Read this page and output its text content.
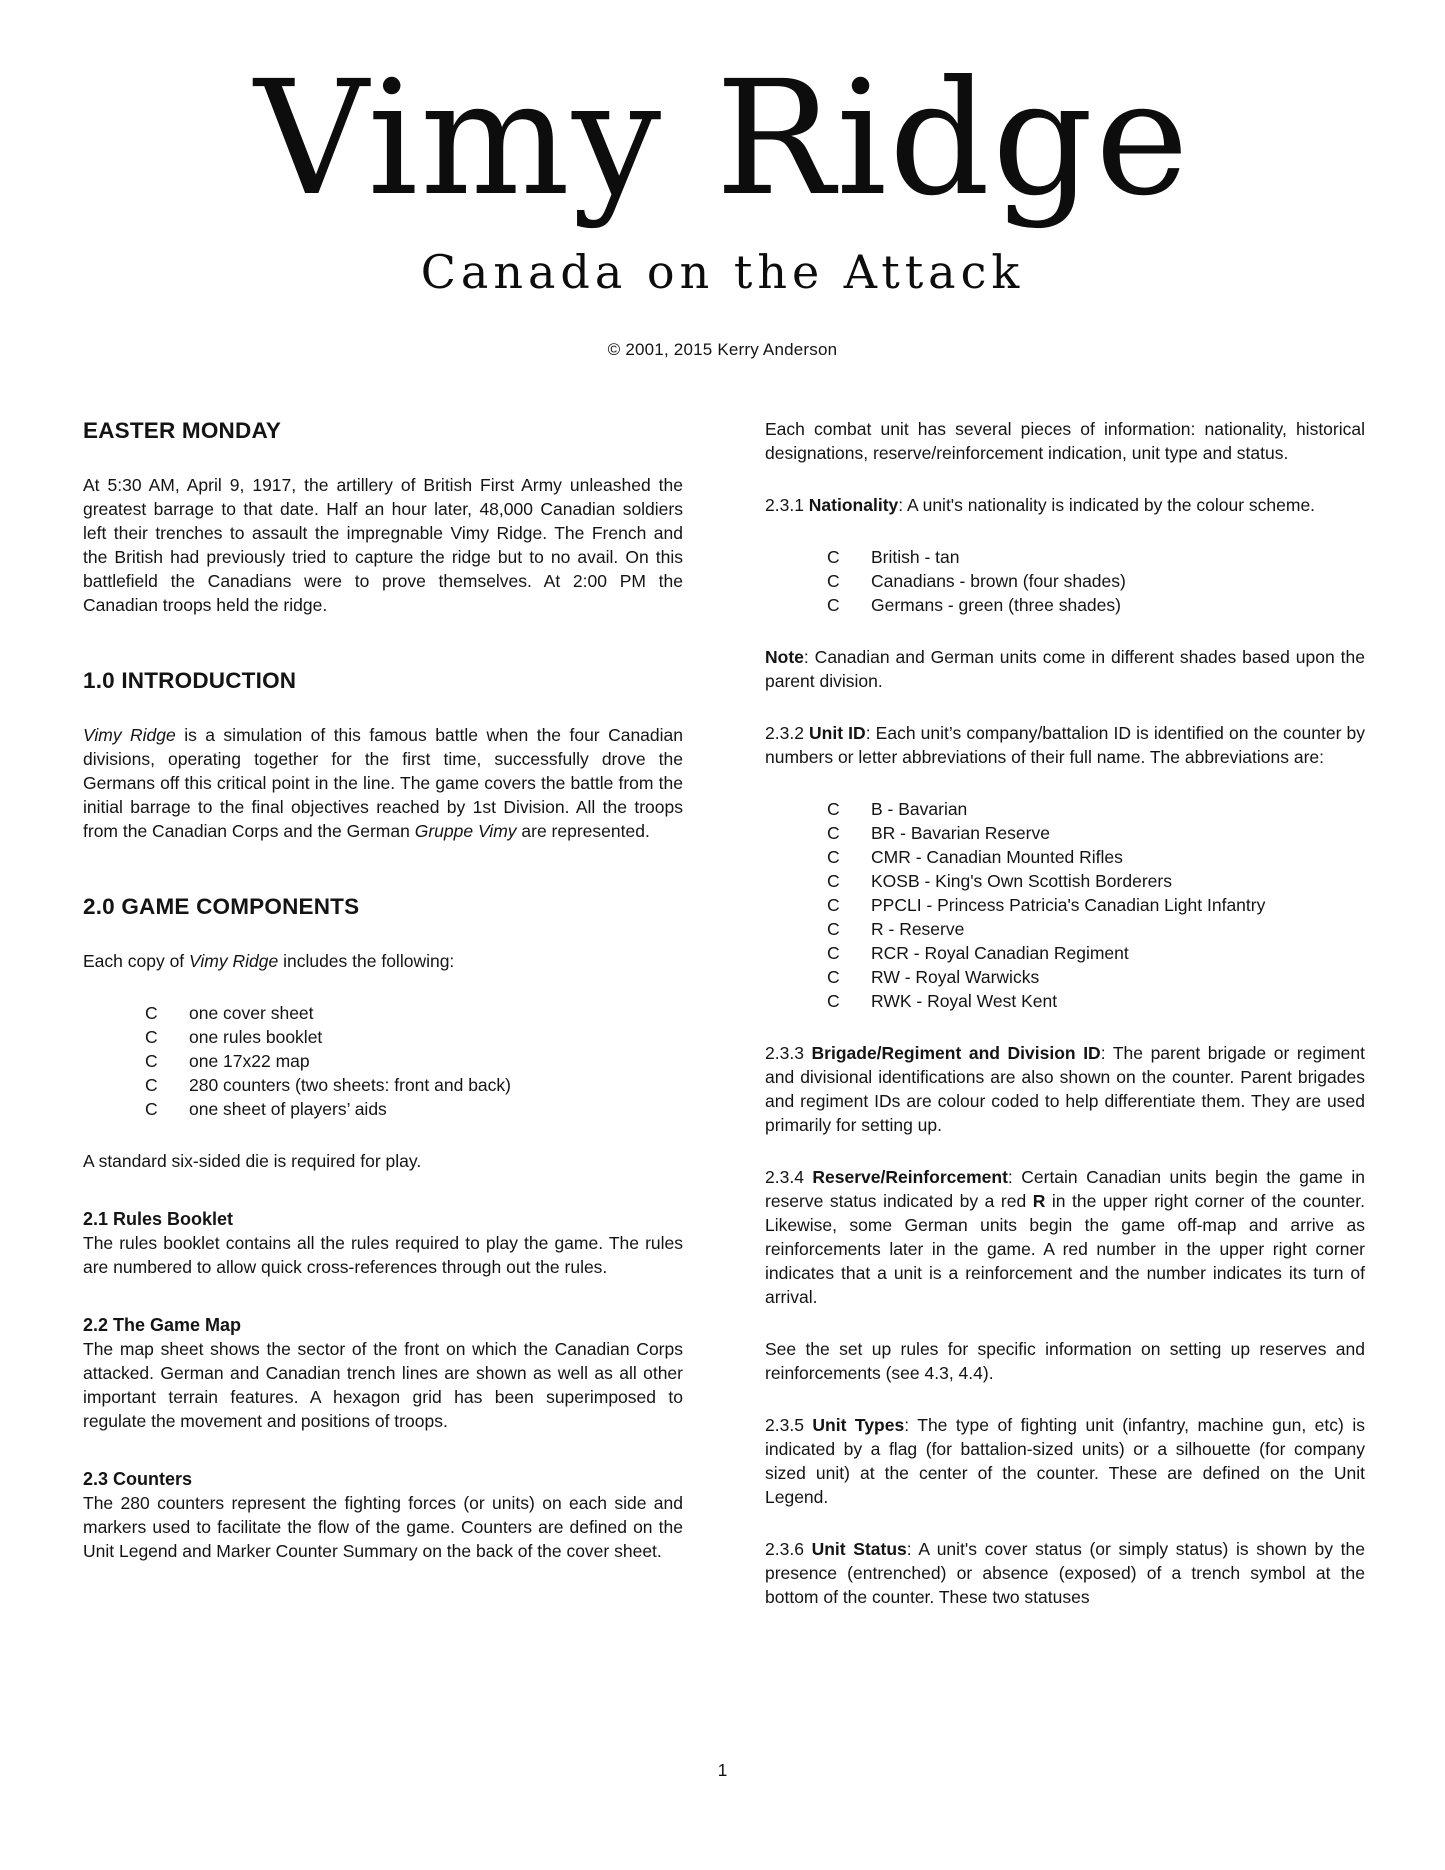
Vimy Ridge
Canada on the Attack
© 2001, 2015 Kerry Anderson
EASTER MONDAY

At 5:30 AM, April 9, 1917, the artillery of British First Army unleashed the greatest barrage to that date. Half an hour later, 48,000 Canadian soldiers left their trenches to assault the impregnable Vimy Ridge. The French and the British had previously tried to capture the ridge but to no avail. On this battlefield the Canadians were to prove themselves. At 2:00 PM the Canadian troops held the ridge.

1.0 INTRODUCTION

Vimy Ridge is a simulation of this famous battle when the four Canadian divisions, operating together for the first time, successfully drove the Germans off this critical point in the line. The game covers the battle from the initial barrage to the final objectives reached by 1st Division. All the troops from the Canadian Corps and the German Gruppe Vimy are represented.

2.0 GAME COMPONENTS

Each copy of Vimy Ridge includes the following:

C	one cover sheet
C	one rules booklet
C	one 17x22 map
C	280 counters (two sheets: front and back)
C	one sheet of players’ aids

A standard six-sided die is required for play.

2.1 Rules Booklet

The rules booklet contains all the rules required to play the game. The rules are numbered to allow quick cross-references through out the rules.

2.2 The Game Map

The map sheet shows the sector of the front on which the Canadian Corps attacked. German and Canadian trench lines are shown as well as all other important terrain features. A hexagon grid has been superimposed to regulate the movement and positions of troops.

2.3 Counters

The 280 counters represent the fighting forces (or units) on each side and markers used to facilitate the flow of the game. Counters are defined on the Unit Legend and Marker Counter Summary on the back of the cover sheet.

Each combat unit has several pieces of information: nationality, historical designations, reserve/reinforcement indication, unit type and status.

2.3.1 Nationality: A unit's nationality is indicated by the colour scheme.

C	British - tan
C	Canadians - brown (four shades)
C	Germans - green (three shades)

Note: Canadian and German units come in different shades based upon the parent division.

2.3.2 Unit ID: Each unit’s company/battalion ID is identified on the counter by numbers or letter abbreviations of their full name. The abbreviations are:

C	B - Bavarian
C	BR - Bavarian Reserve
C	CMR - Canadian Mounted Rifles
C	KOSB - King's Own Scottish Borderers
C	PPCLI - Princess Patricia's Canadian Light Infantry
C	R - Reserve
C	RCR - Royal Canadian Regiment
C	RW - Royal Warwicks
C	RWK - Royal West Kent

2.3.3 Brigade/Regiment and Division ID: The parent brigade or regiment and divisional identifications are also shown on the counter. Parent brigades and regiment IDs are colour coded to help differentiate them. They are used primarily for setting up.

2.3.4 Reserve/Reinforcement: Certain Canadian units begin the game in reserve status indicated by a red R in the upper right corner of the counter. Likewise, some German units begin the game off-map and arrive as reinforcements later in the game. A red number in the upper right corner indicates that a unit is a reinforcement and the number indicates its turn of arrival.

See the set up rules for specific information on setting up reserves and reinforcements (see 4.3, 4.4).

2.3.5 Unit Types: The type of fighting unit (infantry, machine gun, etc) is indicated by a flag (for battalion-sized units) or a silhouette (for company sized unit) at the center of the counter. These are defined on the Unit Legend.

2.3.6 Unit Status: A unit's cover status (or simply status) is shown by the presence (entrenched) or absence (exposed) of a trench symbol at the bottom of the counter. These two statuses

1
